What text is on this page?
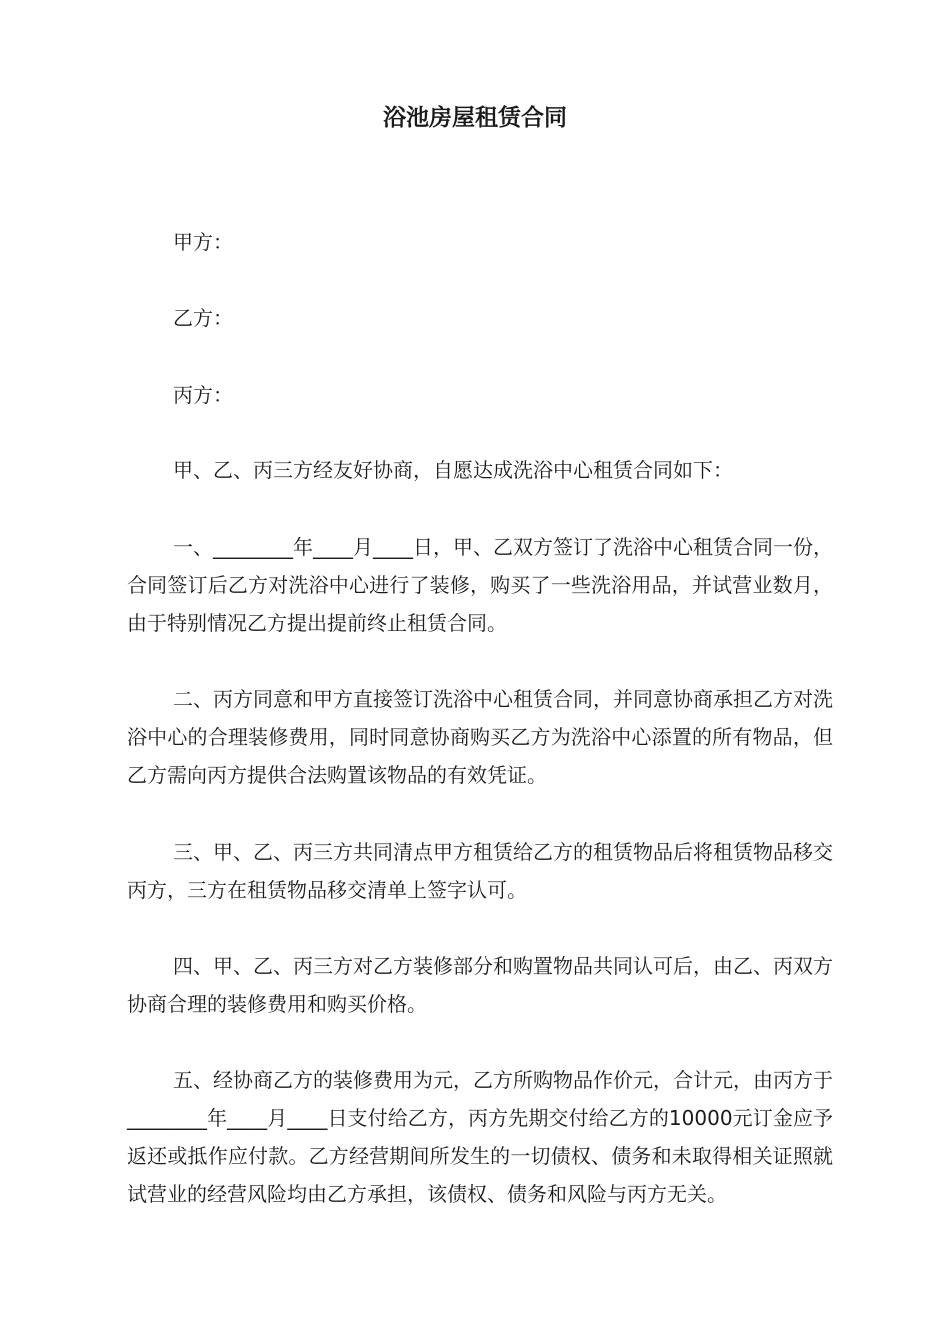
浴池房屋租赁合同
甲方：
乙方：
丙方：

甲、乙、丙三方经友好协商，自愿达成洗浴中心租赁合同如下：

一、________年____月____日，甲、乙双方签订了洗浴中心租赁合同一份，合同签订后乙方对洗浴中心进行了装修，购买了一些洗浴用品，并试营业数月，由于特别情况乙方提出提前终止租赁合同。

二、丙方同意和甲方直接签订洗浴中心租赁合同，并同意协商承担乙方对洗浴中心的合理装修费用，同时同意协商购买乙方为洗浴中心添置的所有物品，但乙方需向丙方提供合法购置该物品的有效凭证。

三、甲、乙、丙三方共同清点甲方租赁给乙方的租赁物品后将租赁物品移交丙方，三方在租赁物品移交清单上签字认可。

四、甲、乙、丙三方对乙方装修部分和购置物品共同认可后，由乙、丙双方协商合理的装修费用和购买价格。

五、经协商乙方的装修费用为元，乙方所购物品作价元，合计元，由丙方于________年____月____日支付给乙方，丙方先期交付给乙方的10000元订金应予返还或抵作应付款。乙方经营期间所发生的一切债权、债务和未取得相关证照就试营业的经营风险均由乙方承担，该债权、债务和风险与丙方无关。
